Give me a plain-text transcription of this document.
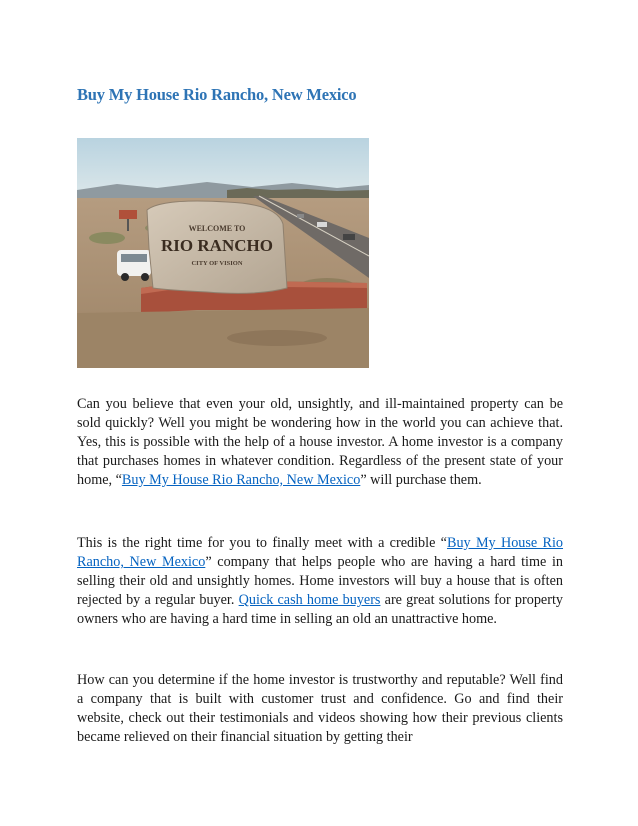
Buy My House Rio Rancho, New Mexico
WELCOME TO
RIO RANCHO
CITY OF VISION

Can you believe that even your old, unsightly, and ill-maintained property can be sold quickly? Well you might be wondering how in the world you can achieve that. Yes, this is possible with the help of a house investor. A home investor is a company that purchases homes in whatever condition. Regardless of the present state of your home, “Buy My House Rio Rancho, New Mexico” will purchase them.

This is the right time for you to finally meet with a credible “Buy My House Rio Rancho, New Mexico” company that helps people who are having a hard time in selling their old and unsightly homes. Home investors will buy a house that is often rejected by a regular buyer. Quick cash home buyers are great solutions for property owners who are having a hard time in selling an old an unattractive home.

How can you determine if the home investor is trustworthy and reputable? Well find a company that is built with customer trust and confidence. Go and find their website, check out their testimonials and videos showing how their previous clients became relieved on their financial situation by getting their
